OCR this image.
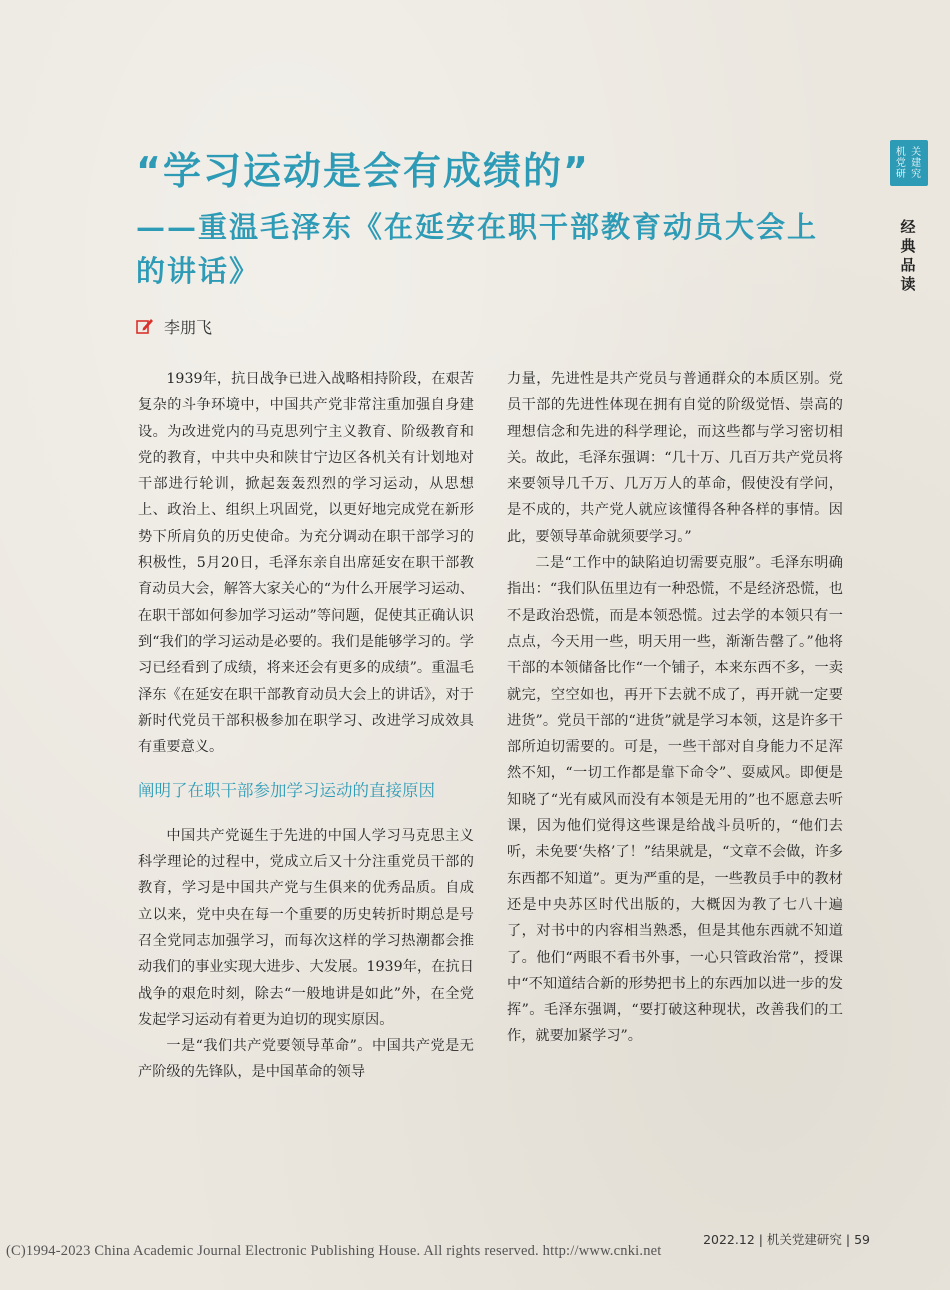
机 关
党 建
研 究
经典品读
“学习运动是会有成绩的”
——重温毛泽东《在延安在职干部教育动员大会上的讲话》
李朋飞

1939年，抗日战争已进入战略相持阶段，在艰苦复杂的斗争环境中，中国共产党非常注重加强自身建设。为改进党内的马克思列宁主义教育、阶级教育和党的教育，中共中央和陕甘宁边区各机关有计划地对干部进行轮训，掀起轰轰烈烈的学习运动，从思想上、政治上、组织上巩固党，以更好地完成党在新形势下所肩负的历史使命。为充分调动在职干部学习的积极性，5月20日，毛泽东亲自出席延安在职干部教育动员大会，解答大家关心的“为什么开展学习运动、在职干部如何参加学习运动”等问题，促使其正确认识到“我们的学习运动是必要的。我们是能够学习的。学习已经看到了成绩，将来还会有更多的成绩”。重温毛泽东《在延安在职干部教育动员大会上的讲话》，对于新时代党员干部积极参加在职学习、改进学习成效具有重要意义。

阐明了在职干部参加学习运动的直接原因

中国共产党诞生于先进的中国人学习马克思主义科学理论的过程中，党成立后又十分注重党员干部的教育，学习是中国共产党与生俱来的优秀品质。自成立以来，党中央在每一个重要的历史转折时期总是号召全党同志加强学习，而每次这样的学习热潮都会推动我们的事业实现大进步、大发展。1939年，在抗日战争的艰危时刻，除去“一般地讲是如此”外，在全党发起学习运动有着更为迫切的现实原因。

一是“我们共产党要领导革命”。中国共产党是无产阶级的先锋队，是中国革命的领导

力量，先进性是共产党员与普通群众的本质区别。党员干部的先进性体现在拥有自觉的阶级觉悟、崇高的理想信念和先进的科学理论，而这些都与学习密切相关。故此，毛泽东强调：“几十万、几百万共产党员将来要领导几千万、几万万人的革命，假使没有学问，是不成的，共产党人就应该懂得各种各样的事情。因此，要领导革命就须要学习。”

二是“工作中的缺陷迫切需要克服”。毛泽东明确指出：“我们队伍里边有一种恐慌，不是经济恐慌，也不是政治恐慌，而是本领恐慌。过去学的本领只有一点点，今天用一些，明天用一些，渐渐告罄了。”他将干部的本领储备比作“一个铺子，本来东西不多，一卖就完，空空如也，再开下去就不成了，再开就一定要进货”。党员干部的“进货”就是学习本领，这是许多干部所迫切需要的。可是，一些干部对自身能力不足浑然不知，“一切工作都是靠下命令”、耍威风。即便是知晓了“光有威风而没有本领是无用的”也不愿意去听课，因为他们觉得这些课是给战斗员听的，“他们去听，未免要‘失格’了！”结果就是，“文章不会做，许多东西都不知道”。更为严重的是，一些教员手中的教材还是中央苏区时代出版的，大概因为教了七八十遍了，对书中的内容相当熟悉，但是其他东西就不知道了。他们“两眼不看书外事，一心只管政治常”，授课中“不知道结合新的形势把书上的东西加以进一步的发挥”。毛泽东强调，“要打破这种现状，改善我们的工作，就要加紧学习”。

2022.12 | 机关党建研究 | 59
(C)1994-2023 China Academic Journal Electronic Publishing House. All rights reserved. http://www.cnki.net
